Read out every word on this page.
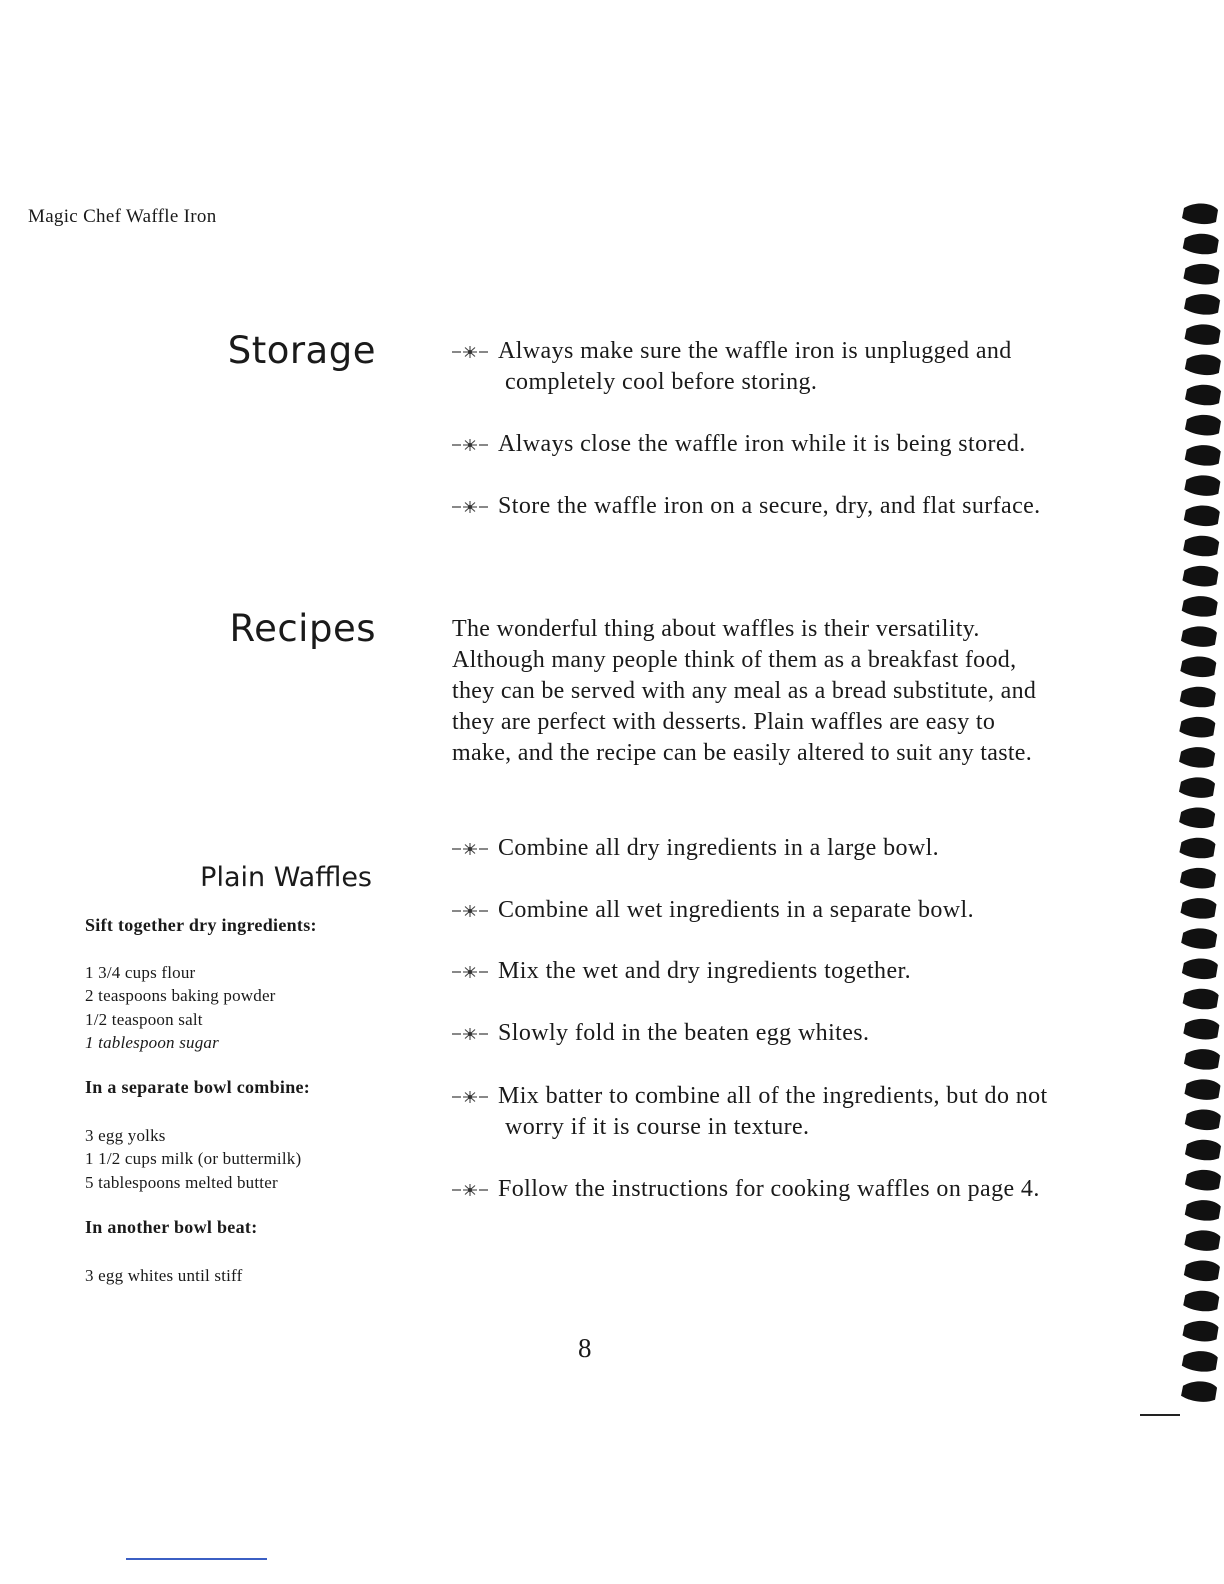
Magic Chef Waffle Iron
Storage	Always make sure the waffle iron is unplugged and
completely cool before storing.
Always close the waffle iron while it is being stored.
Store the waffle iron on a secure, dry, and flat surface.
Recipes	The wonderful thing about waffles is their versatility.
Although many people think of them as a breakfast food,
they can be served with any meal as a bread substitute, and
they are perfect with desserts. Plain waffles are easy to
make, and the recipe can be easily altered to suit any taste.
Plain Waffles
Sift together dry ingredients:
1 3/4 cups flour
2 teaspoons baking powder
1/2 teaspoon salt
1 tablespoon sugar
In a separate bowl combine:
3 egg yolks
1 1/2 cups milk (or buttermilk)
5 tablespoons melted butter
In another bowl beat:
3 egg whites until stiff
Combine all dry ingredients in a large bowl.
Combine all wet ingredients in a separate bowl.
Mix the wet and dry ingredients together.
Slowly fold in the beaten egg whites.
Mix batter to combine all of the ingredients, but do not
worry if it is course in texture.
Follow the instructions for cooking waffles on page 4.
8
